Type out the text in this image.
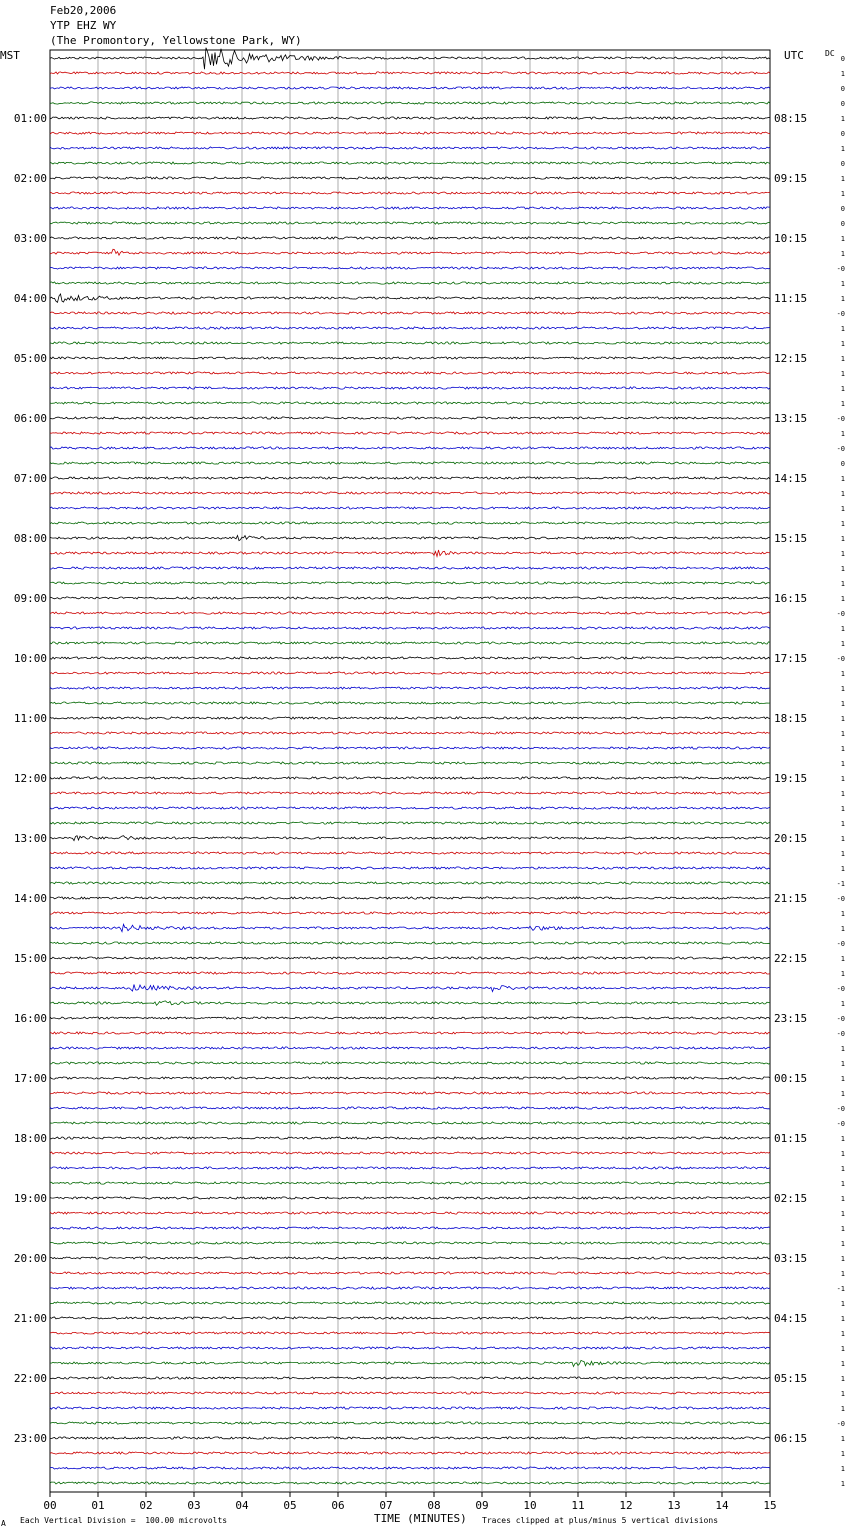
Feb20,2006
YTP EHZ WY
(The Promontory, Yellowstone Park, WY)
MST	UTC	DC
00	01	02	03	04	05	06	07	08	09	10	11	12	13	14	15
0
1
0
0
01:00	08:15	1
0
1
0
02:00	09:15	1
1
0
0
03:00	10:15	1
1
-0
1
04:00	11:15	1
-0
1
1
05:00	12:15	1
1
1
1
06:00	13:15	-0
1
-0
0
07:00	14:15	1
1
1
1
08:00	15:15	1
1
1
1
09:00	16:15	1
-0
1
1
10:00	17:15	-0
1
1
1
11:00	18:15	1
1
1
1
12:00	19:15	1
1
1
1
13:00	20:15	1
1
1
-1
14:00	21:15	-0
1
1
-0
15:00	22:15	1
1
-0
1
16:00	23:15	-0
-0
1
1
17:00	00:15	1
1
-0
-0
18:00	01:15	1
1
1
1
19:00	02:15	1
1
1
1
20:00	03:15	1
1
-1
1
21:00	04:15	1
1
1
1
22:00	05:15	1
1
1
-0
23:00	06:15	1
1
1
1
A Each Vertical Division =  100.00 microvolts	TIME (MINUTES) Traces clipped at plus/minus 5 vertical divisions
